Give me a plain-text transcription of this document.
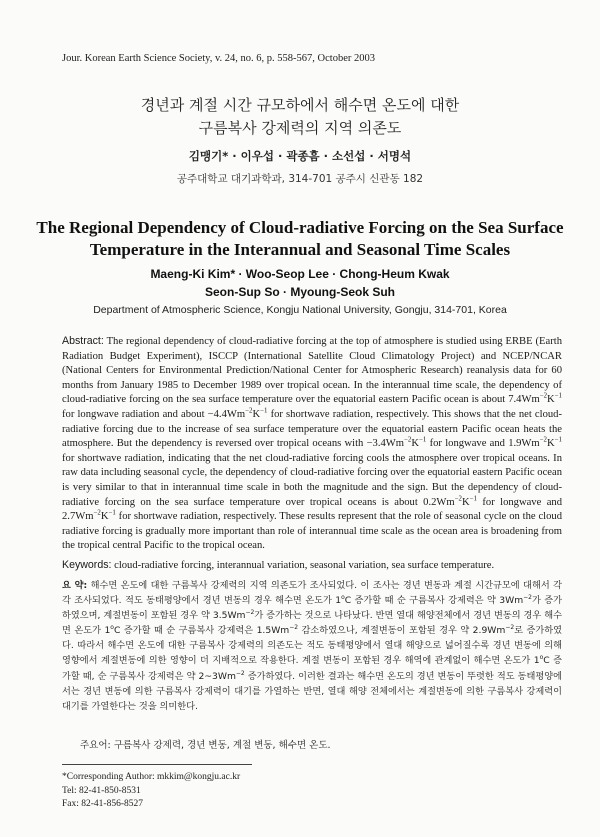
Jour. Korean Earth Science Society, v. 24, no. 6, p. 558-567, October 2003
경년과 계절 시간 규모하에서 해수면 온도에 대한
구름복사 강제력의 지역 의존도
김맹기* · 이우섭 · 곽종흠 · 소선섭 · 서명석
공주대학교 대기과학과, 314-701 공주시 신관동 182
The Regional Dependency of Cloud-radiative Forcing on the Sea Surface
Temperature in the Interannual and Seasonal Time Scales
Maeng-Ki Kim* · Woo-Seop Lee · Chong-Heum Kwak
Seon-Sup So · Myoung-Seok Suh
Department of Atmospheric Science, Kongju National University, Gongju, 314-701, Korea
Abstract: The regional dependency of cloud-radiative forcing at the top of atmosphere is studied using ERBE (Earth Radiation Budget Experiment), ISCCP (International Satellite Cloud Climatology Project) and NCEP/NCAR (National Centers for Environmental Prediction/National Center for Atmospheric Research) reanalysis data for 60 months from January 1985 to December 1989 over tropical ocean. In the interannual time scale, the dependency of cloud-radiative forcing on the sea surface temperature over the equatorial eastern Pacific ocean is about $7.4Wm^{-2}K^{-1}$ for longwave radiation and about $-4.4Wm^{-2}K^{-1}$ for shortwave radiation, respectively. This shows that the net cloud-radiative forcing due to the increase of sea surface temperature over the equatorial eastern Pacific ocean heats the atmosphere. But the dependency is reversed over tropical oceans with $-3.4Wm^{-2}K^{-1}$ for longwave and $1.9Wm^{-2}K^{-1}$ for shortwave radiation, indicating that the net cloud-radiative forcing cools the atmosphere over tropical oceans. In raw data including seasonal cycle, the dependency of cloud-radiative forcing over the equatorial eastern Pacific ocean is very similar to that in interannual time scale in both the magnitude and the sign. But the dependency of cloud-radiative forcing on the sea surface temperature over tropical oceans is about $0.2Wm^{-2}K^{-1}$ for longwave and $2.7Wm^{-2}K^{-1}$ for shortwave radiation, respectively. These results represent that the role of seasonal cycle on the cloud radiative forcing is gradually more important than role of interannual time scale as the ocean area is broadening from the tropical central Pacific to the tropical ocean.
Keywords: cloud-radiative forcing, interannual variation, seasonal variation, sea surface temperature.
요 약: 해수면 온도에 대한 구름복사 강제력의 지역 의존도가 조사되었다. 이 조사는 경년 변동과 계절 시간규모에 대해서 각각 조사되었다. 적도 동태평양에서 경년 변동의 경우 해수면 온도가 1$^o$C 증가할 때 순 구름복사 강제력은 약 $3Wm^{-2}$가 증가하였으며, 계절변동이 포함된 경우 약 $3.5Wm^{-2}$가 증가하는 것으로 나타났다. 반면 열대 해양전체에서 경년 변동의 경우 해수면 온도가 1$^o$C 증가할 때 순 구름복사 강제력은 $1.5Wm^{-2}$ 감소하였으나, 계절변동이 포함된 경우 약 $2.9Wm^{-2}$로 증가하였다. 따라서 해수면 온도에 대한 구름복사 강제력의 의존도는 적도 동태평양에서 열대 해양으로 넓어질수록 경년 변동에 의해 영향에서 계절변동에 의한 영향이 더 지배적으로 작용한다. 계절 변동이 포함된 경우 해역에 관계없이 해수면 온도가 1$^o$C 증가할 때, 순 구름복사 강제력은 약 $2\sim 3Wm^{-2}$ 증가하였다. 이러한 결과는 해수면 온도의 경년 변동이 뚜렷한 적도 동태평양에서는 경년 변동에 의한 구름복사 강제력이 대기를 가열하는 반면, 열대 해양 전체에서는 계절변동에 의한 구름복사 강제력이 대기를 가열한다는 것을 의미한다.
주요어: 구름복사 강제력, 경년 변동, 계절 변동, 해수면 온도.
*Corresponding Author: mkkim@kongju.ac.kr
Tel: 82-41-850-8531
Fax: 82-41-856-8527
